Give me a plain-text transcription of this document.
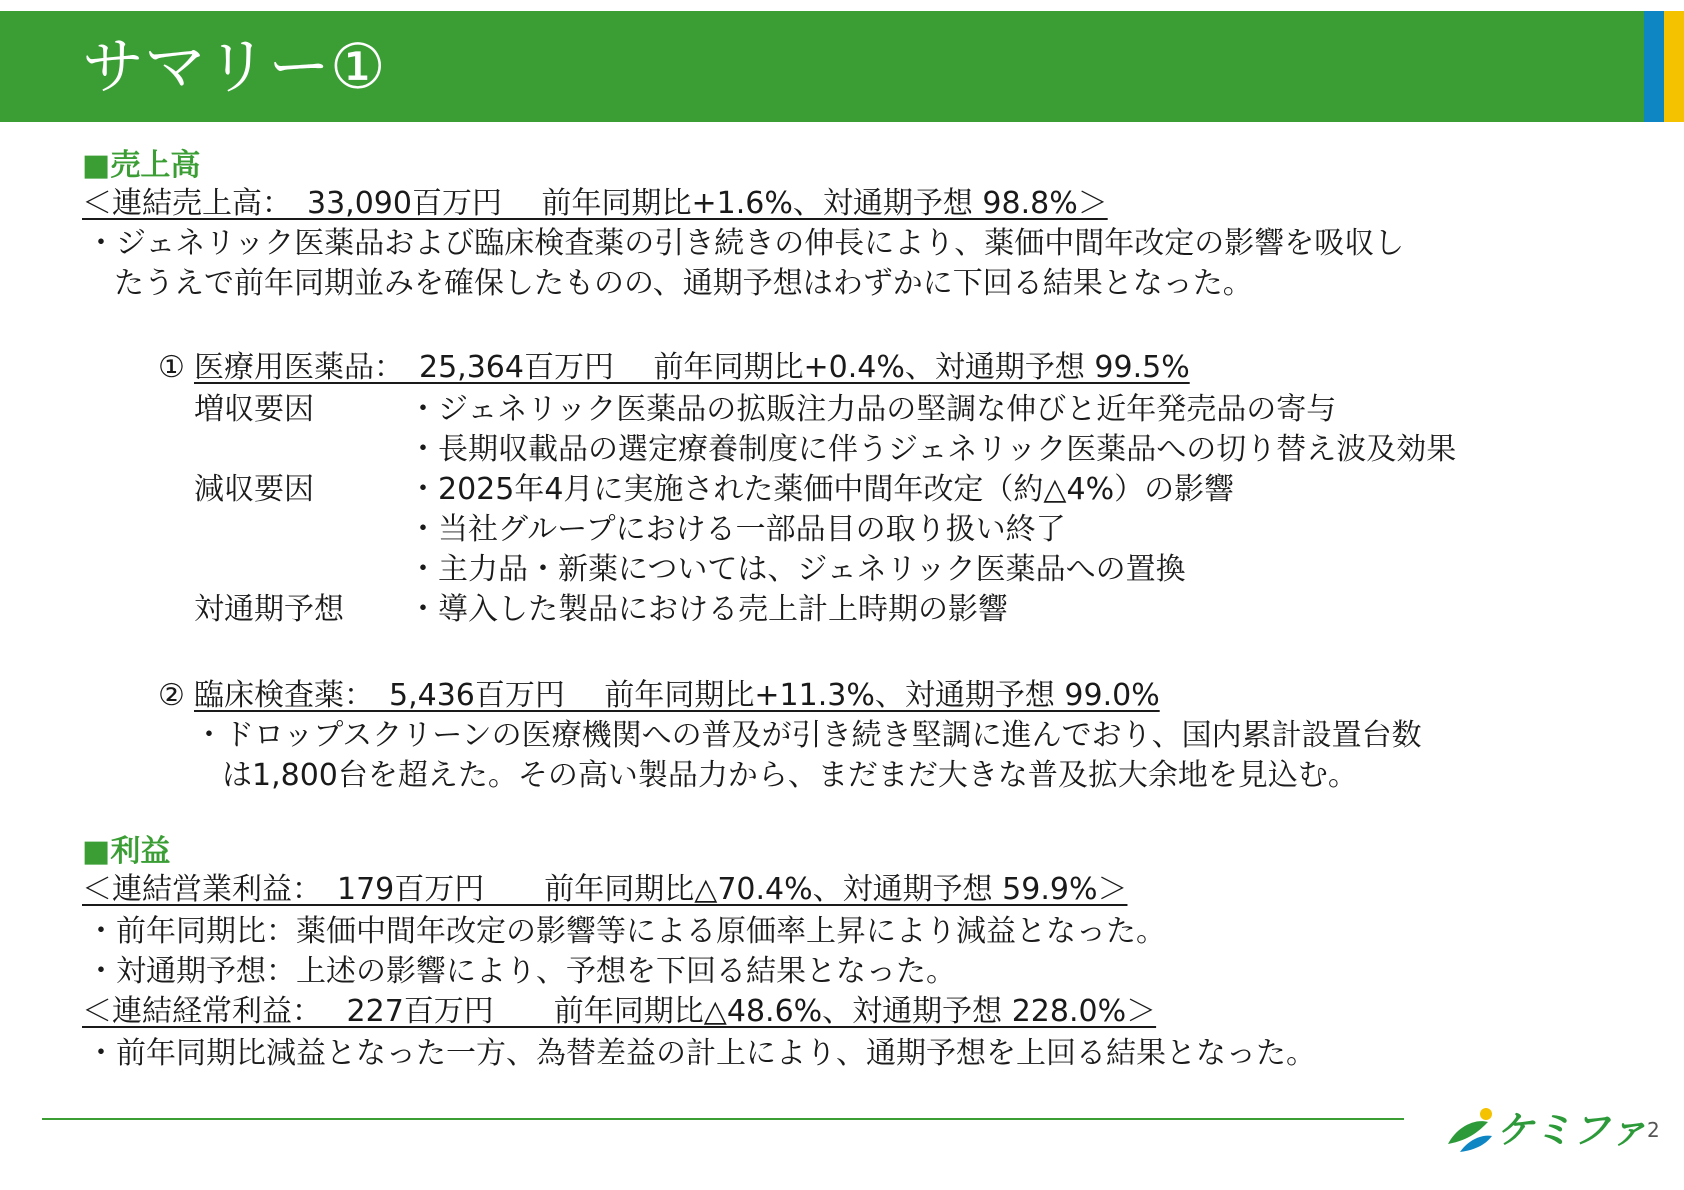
サマリー①
■売上高
＜連結売上高：　33,090百万円　 前年同期比+1.6%、対通期予想 98.8%＞
・ジェネリック医薬品および臨床検査薬の引き続きの伸長により、薬価中間年改定の影響を吸収し
たうえで前年同期並みを確保したものの、通期予想はわずかに下回る結果となった。
① 医療用医薬品：　25,364百万円　 前年同期比+0.4%、対通期予想 99.5%
増収要因	・ジェネリック医薬品の拡販注力品の堅調な伸びと近年発売品の寄与
・長期収載品の選定療養制度に伴うジェネリック医薬品への切り替え波及効果
減収要因	・2025年4月に実施された薬価中間年改定（約△4%）の影響
・当社グループにおける一部品目の取り扱い終了
・主力品・新薬については、ジェネリック医薬品への置換
対通期予想 ・導入した製品における売上計上時期の影響
② 臨床検査薬：　5,436百万円　 前年同期比+11.3%、対通期予想 99.0%
・ドロップスクリーンの医療機関への普及が引き続き堅調に進んでおり、国内累計設置台数
は1,800台を超えた。その高い製品力から、まだまだ大きな普及拡大余地を見込む。
■利益
＜連結営業利益：　179百万円　　前年同期比△70.4%、対通期予想 59.9%＞
・前年同期比：薬価中間年改定の影響等による原価率上昇により減益となった。
・対通期予想：上述の影響により、予想を下回る結果となった。
＜連結経常利益：　 227百万円　　前年同期比△48.6%、対通期予想 228.0%＞
・前年同期比減益となった一方、為替差益の計上により、通期予想を上回る結果となった。
ケミファ 2
